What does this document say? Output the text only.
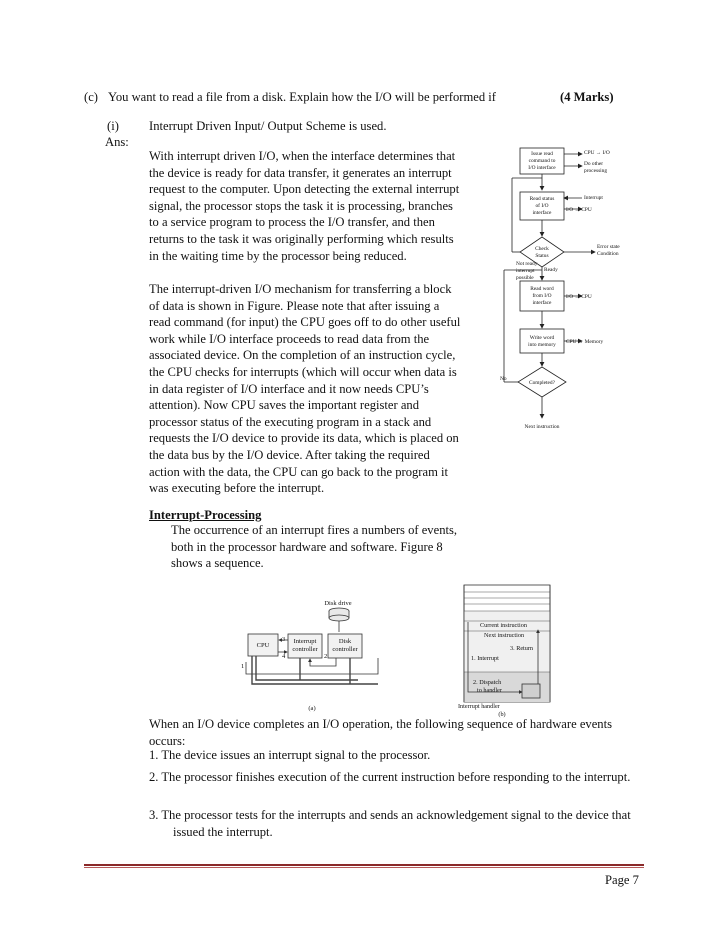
(c) You want to read a file from a disk. Explain how the I/O will be performed if	(4 Marks)
(i) Interrupt Driven Input/ Output Scheme is used.
Ans:
With interrupt driven I/O, when the interface determines that the device is ready for data transfer, it generates an interrupt request to the computer. Upon detecting the external interrupt signal, the processor stops the task it is processing, branches to a service program to process the I/O transfer, and then returns to the task it was originally performing which results in the waiting time by the processor being reduced.
The interrupt-driven I/O mechanism for transferring a block of data is shown in Figure. Please note that after issuing a read command (for input) the CPU goes off to do other useful work while I/O interface proceeds to read data from the associated device. On the completion of an instruction cycle, the CPU checks for interrupts (which will occur when data is in data register of I/O interface and it now needs CPU’s attention). Now CPU saves the important register and processor status of the executing program in a stack and requests the I/O device to provide its data, which is placed on the data bus by the I/O device. After taking the required action with the data, the CPU can go back to the program it was executing before the interrupt.
Issue read
command to
I/O interface
CPU → I/O
Do other
processing
Interrupt
Read status
of I/O
interface	I/O → CPU
Check
Status
Error state
Condition
Not ready
interrupt
possible
Ready
Read word
from I/O
interface
I/O → CPU
Write word
into memory CPU → Memory
No
Completed?
Next instruction
Interrupt-Processing
The occurrence of an interrupt fires a numbers of events, both in the processor hardware and software. Figure 8 shows a sequence.
Disk drive
CPU
Interrupt
controller
Disk
controller
3
4	2
1
(a)
Current instruction
Next instruction
3. Return
1. Interrupt
2. Dispatch
to handler
Interrupt handler
(b)
When an I/O device completes an I/O operation, the following sequence of hardware events occurs:
1. The device issues an interrupt signal to the processor.
2. The processor finishes execution of the current instruction before responding to the interrupt.
3. The processor tests for the interrupts and sends an acknowledgement signal to the device that issued the interrupt.
Page 7
